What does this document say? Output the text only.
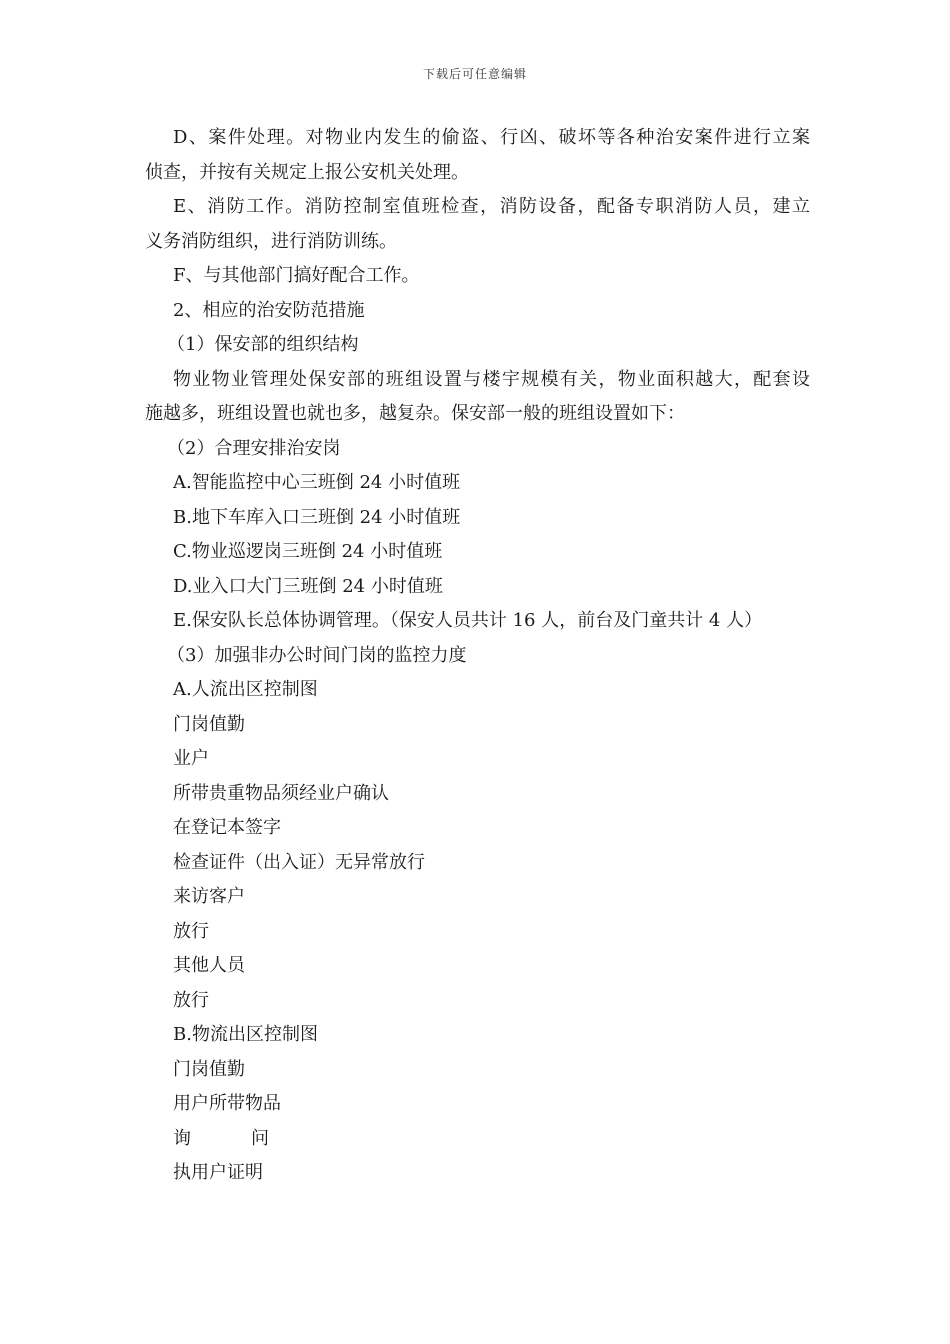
下载后可任意编辑
D、案件处理。对物业内发生的偷盗、行凶、破坏等各种治安案件进行立案
侦查，并按有关规定上报公安机关处理。
E、消防工作。消防控制室值班检查，消防设备，配备专职消防人员，建立
义务消防组织，进行消防训练。
F、与其他部门搞好配合工作。
2、相应的治安防范措施
（1）保安部的组织结构
物业物业管理处保安部的班组设置与楼宇规模有关，物业面积越大，配套设
施越多，班组设置也就也多，越复杂。保安部一般的班组设置如下：
（2）合理安排治安岗
A.智能监控中心三班倒 24 小时值班
B.地下车库入口三班倒 24 小时值班
C.物业巡逻岗三班倒 24 小时值班
D.业入口大门三班倒 24 小时值班
E.保安队长总体协调管理。（保安人员共计 16 人，前台及门童共计 4 人）
（3）加强非办公时间门岗的监控力度
A.人流出区控制图
门岗值勤
业户
所带贵重物品须经业户确认
在登记本签字
检查证件（出入证）无异常放行
来访客户
放行
其他人员
放行
B.物流出区控制图
门岗值勤
用户所带物品
询	问
执用户证明
